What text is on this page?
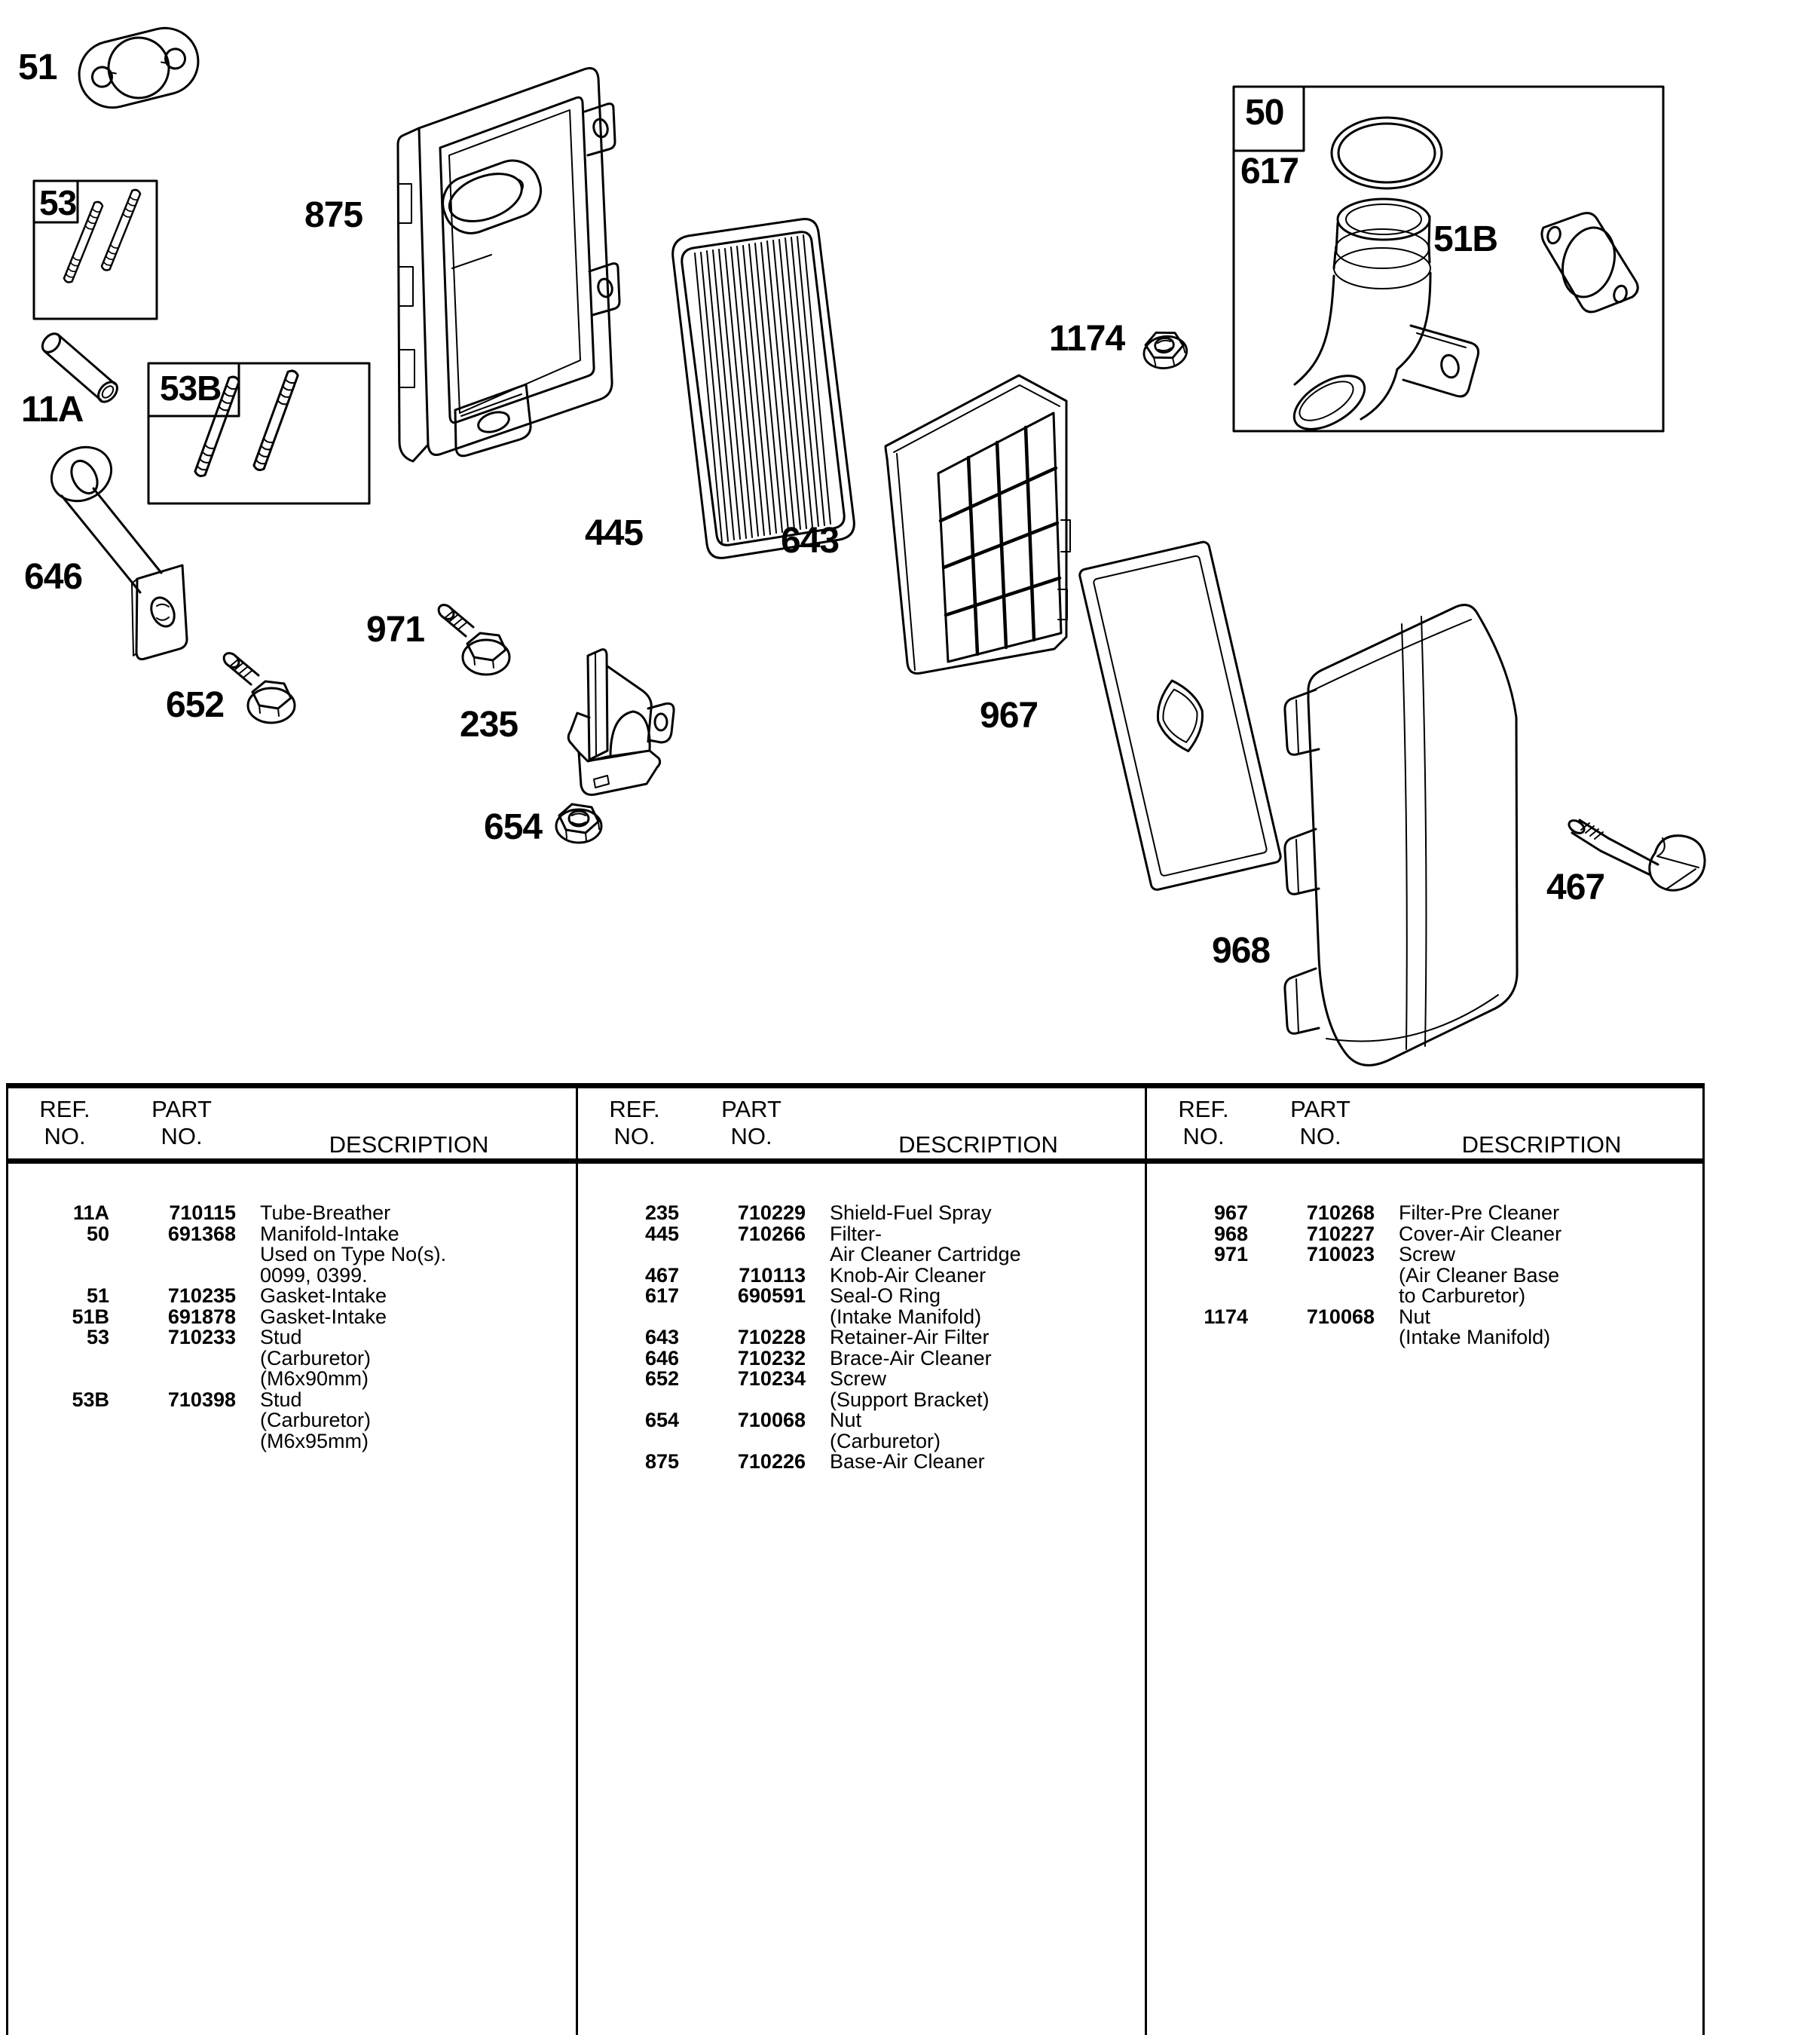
51
53	875
11A
53B
646
652
971
445
235
654
643
1174
50
617
51B
967
968
467
REF.
NO.
PART
NO.	DESCRIPTION
11A	710115	Tube-Breather
50	691368	Manifold-Intake
Used on Type No(s).
0099, 0399.
51	710235	Gasket-Intake
51B	691878	Gasket-Intake
53	710233	Stud
(Carburetor)
(M6x90mm)
53B	710398	Stud
(Carburetor)
(M6x95mm)
REF.
NO.
PART
NO.	DESCRIPTION
235	710229	Shield-Fuel Spray
445	710266	Filter-
Air Cleaner Cartridge
467	710113	Knob-Air Cleaner
617	690591	Seal-O Ring
(Intake Manifold)
643	710228	Retainer-Air Filter
646	710232	Brace-Air Cleaner
652	710234	Screw
(Support Bracket)
654	710068	Nut
(Carburetor)
875	710226	Base-Air Cleaner
REF.
NO.
PART
NO.	DESCRIPTION
967	710268	Filter-Pre Cleaner
968	710227	Cover-Air Cleaner
971	710023	Screw
(Air Cleaner Base
to Carburetor)
1174	710068	Nut
(Intake Manifold)
